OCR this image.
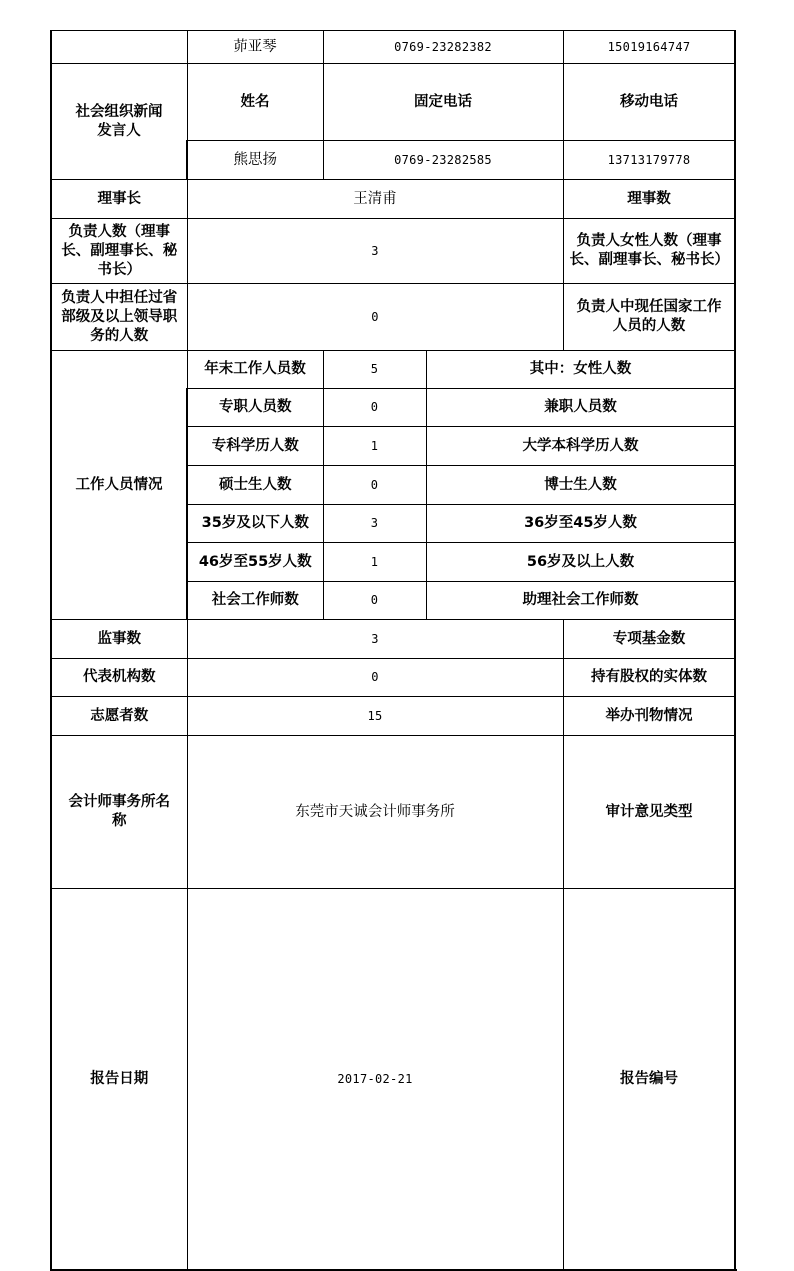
	茆亚琴	0769-23282382		15019164747	
社会组织新闻发言人	姓名	固定电话		移动电话	
	熊思扬	0769-23282585		13713179778	
理事长	王清甫			理事数	
负责人数（理事长、副理事长、秘书长）	3			负责人女性人数（理事长、副理事长、秘书长）	
负责人中担任过省部级及以上领导职务的人数	0			负责人中现任国家工作人员的人数	
工作人员情况	年末工作人员数	5	其中：女性人数	
	专职人员数	0	兼职人员数	
	专科学历人数	1	大学本科学历人数	
	硕士生人数	0	博士生人数	
	35岁及以下人数	3	36岁至45岁人数	
	46岁至55岁人数	1	56岁及以上人数	
	社会工作师数	0	助理社会工作师数	
监事数	3			专项基金数	
代表机构数	0			持有股权的实体数	
志愿者数	15			举办刊物情况	
会计师事务所名称	东莞市天诚会计师事务所			审计意见类型	
报告日期	2017-02-21			报告编号	
